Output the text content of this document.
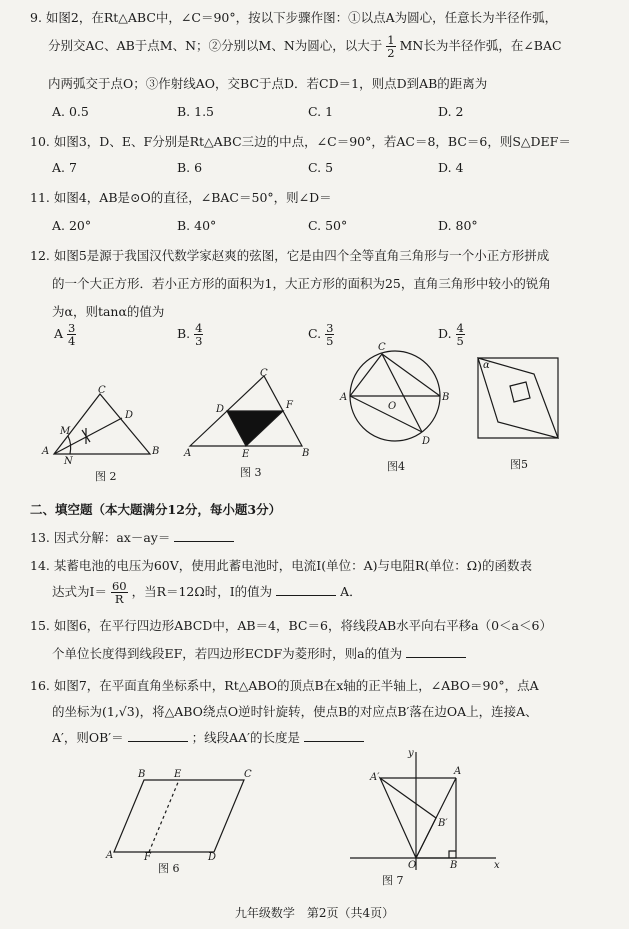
9. 如图2，在Rt△ABC中，∠C＝90°，按以下步骤作图：①以点A为圆心，任意长为半径作弧，
分别交AC、AB于点M、N；②分别以M、N为圆心，以大于 $\frac{1}{2}$ MN长为半径作弧，在∠BAC
内两弧交于点O；③作射线AO，交BC于点D．若CD＝1，则点D到AB的距离为
A. 0.5	B. 1.5	C. 1	D. 2
10. 如图3，D、E、F分别是Rt△ABC三边的中点，∠C＝90°，若AC＝8，BC＝6，则S△DEF＝
A. 7	B. 6	C. 5	D. 4
11. 如图4，AB是⊙O的直径，∠BAC＝50°，则∠D＝
A. 20°	B. 40°	C. 50°	D. 80°
12. 如图5是源于我国汉代数学家赵爽的弦图，它是由四个全等直角三角形与一个小正方形拼成
的一个大正方形．若小正方形的面积为1，大正方形的面积为25，直角三角形中较小的锐角
为α，则tanα的值为
A $\frac{3}{4}$	B. $\frac{4}{3}$	C. $\frac{3}{5}$	D. $\frac{4}{5}$
C
D
M
A
N
B
图 2
C
D	F
A	E	B
图 3
C
A
O
B
D
图4
α
图5
二、填空题（本大题满分12分，每小题3分）
13. 因式分解：ax－ay＝
14. 某蓄电池的电压为60V，使用此蓄电池时，电流I(单位：A)与电阻R(单位：Ω)的函数表
达式为$I= \frac{60}{R}$ ，当R＝12Ω时，I的值为	A．
15. 如图6，在平行四边形ABCD中，AB＝4，BC＝6，将线段AB水平向右平移a（0＜a＜6）
个单位长度得到线段EF，若四边形ECDF为菱形时，则a的值为
16. 如图7，在平面直角坐标系中，Rt△ABO的顶点B在x轴的正半轴上，∠ABO＝90°，点A
的坐标为(1,√3)，将△ABO绕点O逆时针旋转，使点B的对应点B′落在边OA上，连接A、
A′，则OB′＝	；线段AA′的长度是
B	E	C
A	F	D
图 6
y
A′
A
B′
O	B	x
图 7
九年级数学　第2页（共4页）
